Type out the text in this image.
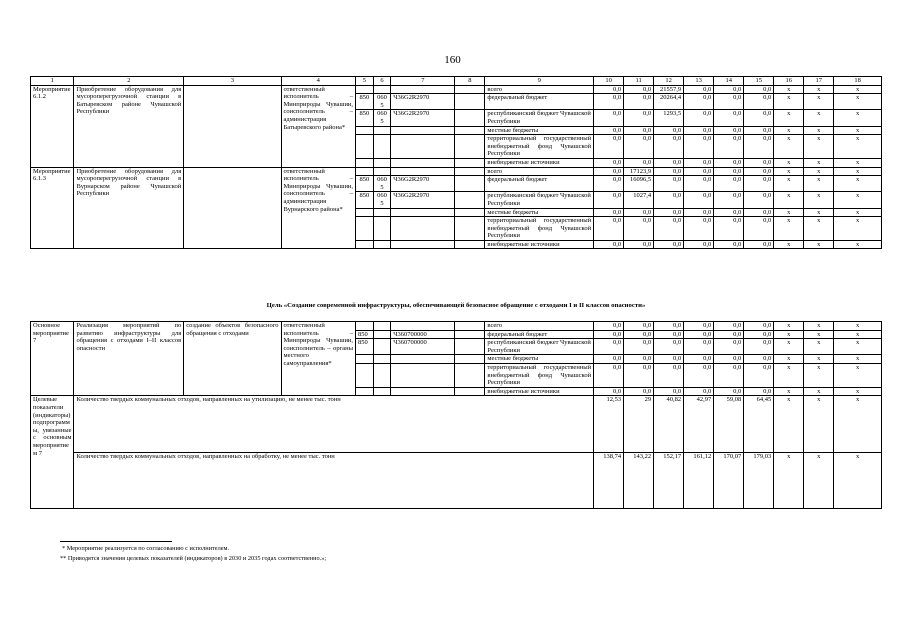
160
1	2	3	4	5	6	7	8	9	10	11	12	13	14	15	16	17	18
Мероприятие 6.1.2	Приобретение оборудования для мусороперегрузочной станции в Батыревском районе Чувашской Республики		ответственный исполнитель – Минприроды Чувашии, соисполнитель – администрация Батыревского района*					всего	0,0	0,0	21557,9	0,0	0,0	0,0	x	x	x
				850	0605	Ч36G2R2970		федеральный бюджет	0,0	0,0	20264,4	0,0	0,0	0,0	x	x	x
				850	0605	Ч36G2R2970		республиканский бюджет Чувашской Республики	0,0	0,0	1293,5	0,0	0,0	0,0	x	x	x
								местные бюджеты	0,0	0,0	0,0	0,0	0,0	0,0	x	x	x
								территориальный государственный внебюджетный фонд Чувашской Республики	0,0	0,0	0,0	0,0	0,0	0,0	x	x	x
								внебюджетные источники	0,0	0,0	0,0	0,0	0,0	0,0	x	x	x
Мероприятие 6.1.3	Приобретение оборудования для мусороперегрузочной станции в Вурнарском районе Чувашской Республики		ответственный исполнитель – Минприроды Чувашии, соисполнитель – администрация Вурнарского района*					всего	0,0	17123,9	0,0	0,0	0,0	0,0	x	x	x
				850	0605	Ч36G2R2970		федеральный бюджет	0,0	16096,5	0,0	0,0	0,0	0,0	x	x	x
				850	0605	Ч36G2R2970		республиканский бюджет Чувашской Республики	0,0	1027,4	0,0	0,0	0,0	0,0	x	x	x
								местные бюджеты	0,0	0,0	0,0	0,0	0,0	0,0	x	x	x
								территориальный государственный внебюджетный фонд Чувашской Республики	0,0	0,0	0,0	0,0	0,0	0,0	x	x	x
								внебюджетные источники	0,0	0,0	0,0	0,0	0,0	0,0	x	x	x
Цель «Создание современной инфраструктуры, обеспечивающей безопасное обращение с отходами I и II классов опасности»
Основное мероприятие 7	Реализация мероприятий по развитию инфраструктуры для обращения с отходами I–II классов опасности	создание объектов безопасного обращения с отходами	ответственный исполнитель – Минприроды Чувашии, соисполнитель – органы местного самоуправления*					всего	0,0	0,0	0,0	0,0	0,0	0,0	x	x	x
				850		Ч360700000		федеральный бюджет	0,0	0,0	0,0	0,0	0,0	0,0	x	x	x
				850		Ч360700000		республиканский бюджет Чувашской Республики	0,0	0,0	0,0	0,0	0,0	0,0	x	x	x
								местные бюджеты	0,0	0,0	0,0	0,0	0,0	0,0	x	x	x
								территориальный государственный внебюджетный фонд Чувашской Республики	0,0	0,0	0,0	0,0	0,0	0,0	x	x	x
								внебюджетные источники	0,0	0,0	0,0	0,0	0,0	0,0	x	x	x
Целевые показатели (индикаторы) подпрограммы, увязанные с основным мероприятием 7	Количество твердых коммунальных отходов, направленных на утилизацию, не менее тыс. тонн								12,53	29	40,82	42,97	59,08	64,45	x	x	x
	Количество твердых коммунальных отходов, направленных на обработку, не менее тыс. тонн								138,74	143,22	152,17	161,12	170,07	179,03	x	x	x
* Мероприятие реализуется по согласованию с исполнителем.
** Приводятся значения целевых показателей (индикаторов) в 2030 и 2035 годах соответственно.»;
